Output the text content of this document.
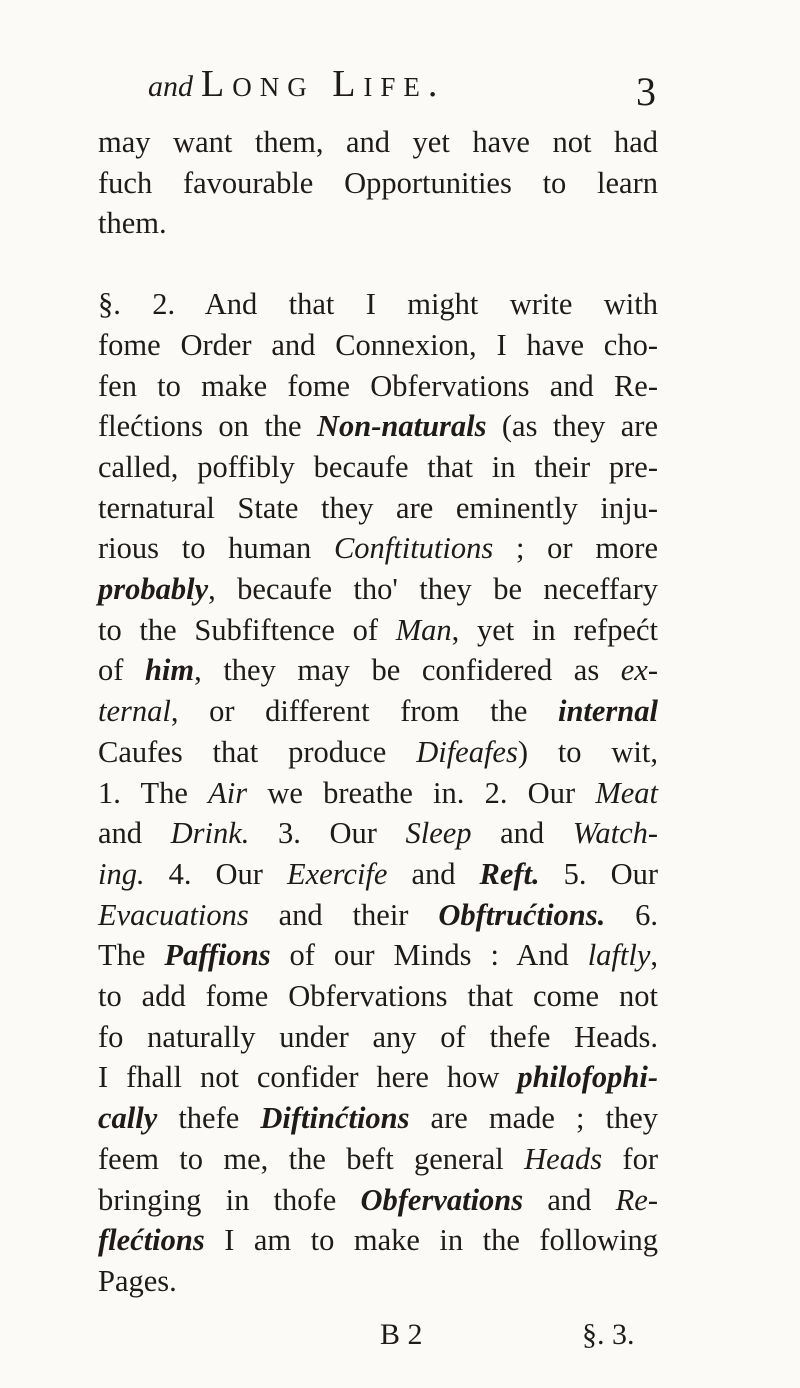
and Long Life.	3
may want them, and yet have not had
fuch favourable Opportunities to learn
them.
§. 2. And that I might write with
fome Order and Connexion, I have cho-
fen to make fome Obfervations and Re-
flećtions on the Non-naturals (as they are
called, poffibly becaufe that in their pre-
ternatural State they are eminently inju-
rious to human Conftitutions ; or more
probably, becaufe tho' they be neceffary
to the Subfiftence of Man, yet in refpećt
of him, they may be confidered as ex-
ternal, or different from the internal
Caufes that produce Difeafes) to wit,
1. The Air we breathe in. 2. Our Meat
and Drink. 3. Our Sleep and Watch-
ing. 4. Our Exercife and Reft. 5. Our
Evacuations and their Obftrućtions. 6.
The Paffions of our Minds : And laftly,
to add fome Obfervations that come not
fo naturally under any of thefe Heads.
I fhall not confider here how philofophi-
cally thefe Diftinćtions are made ; they
feem to me, the beft general Heads for
bringing in thofe Obfervations and Re-
flećtions I am to make in the following
Pages.
B 2	§. 3.
